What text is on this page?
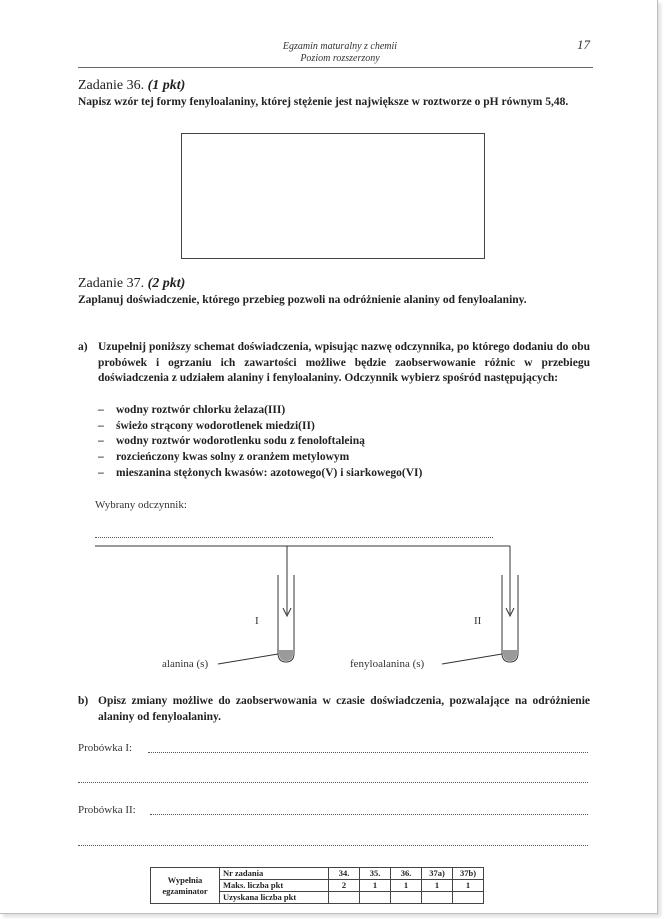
Egzamin maturalny z chemii
Poziom rozszerzony
17
Zadanie 36. (1 pkt)
Napisz wzór tej formy fenyloalaniny, której stężenie jest największe w roztworze o pH równym 5,48.
Zadanie 37. (2 pkt)
Zaplanuj doświadczenie, którego przebieg pozwoli na odróżnienie alaniny od fenyloalaniny.
a) Uzupełnij poniższy schemat doświadczenia, wpisując nazwę odczynnika, po którego dodaniu do obu probówek i ogrzaniu ich zawartości możliwe będzie zaobserwowanie różnic w przebiegu doświadczenia z udziałem alaniny i fenyloalaniny. Odczynnik wybierz spośród następujących:
– wodny roztwór chlorku żelaza(III)
– świeżo strącony wodorotlenek miedzi(II)
– wodny roztwór wodorotlenku sodu z fenoloftaleiną
– rozcieńczony kwas solny z oranżem metylowym
– mieszanina stężonych kwasów: azotowego(V) i siarkowego(VI)
Wybrany odczynnik:
I	II
alanina (s)	fenyloalanina (s)
b) Opisz zmiany możliwe do zaobserwowania w czasie doświadczenia, pozwalające na odróżnienie alaniny od fenyloalaniny.
Probówka I:
Probówka II:
Wypełnia
egzaminator	Nr zadania	34.	35.	36.	37a)	37b)
	Maks. liczba pkt	2	1	1	1	1
	Uzyskana liczba pkt					
